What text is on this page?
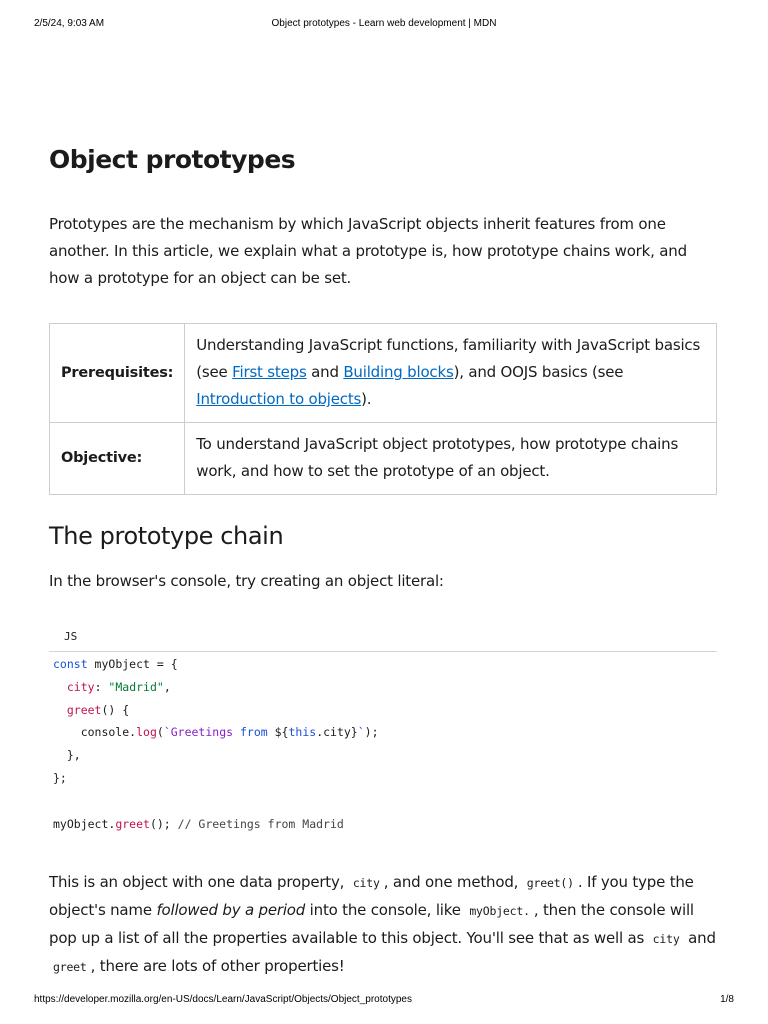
2/5/24, 9:03 AM	Object prototypes - Learn web development | MDN
Object prototypes

Prototypes are the mechanism by which JavaScript objects inherit features from one another. In this article, we explain what a prototype is, how prototype chains work, and how a prototype for an object can be set.

Prerequisites:	Understanding JavaScript functions, familiarity with JavaScript basics (see First steps and Building blocks), and OOJS basics (see Introduction to objects).
Objective:	To understand JavaScript object prototypes, how prototype chains work, and how to set the prototype of an object.
The prototype chain

In the browser's console, try creating an object literal:

JS
const myObject = {
city: "Madrid",
greet() {
console.log(`Greetings from ${this.city}`);
},
};

myObject.greet(); // Greetings from Madrid

This is an object with one data property, city , and one method, greet() . If you type the object's name followed by a period into the console, like myObject. , then the console will pop up a list of all the properties available to this object. You'll see that as well as city and greet , there are lots of other properties!

https://developer.mozilla.org/en-US/docs/Learn/JavaScript/Objects/Object_prototypes	1/8
